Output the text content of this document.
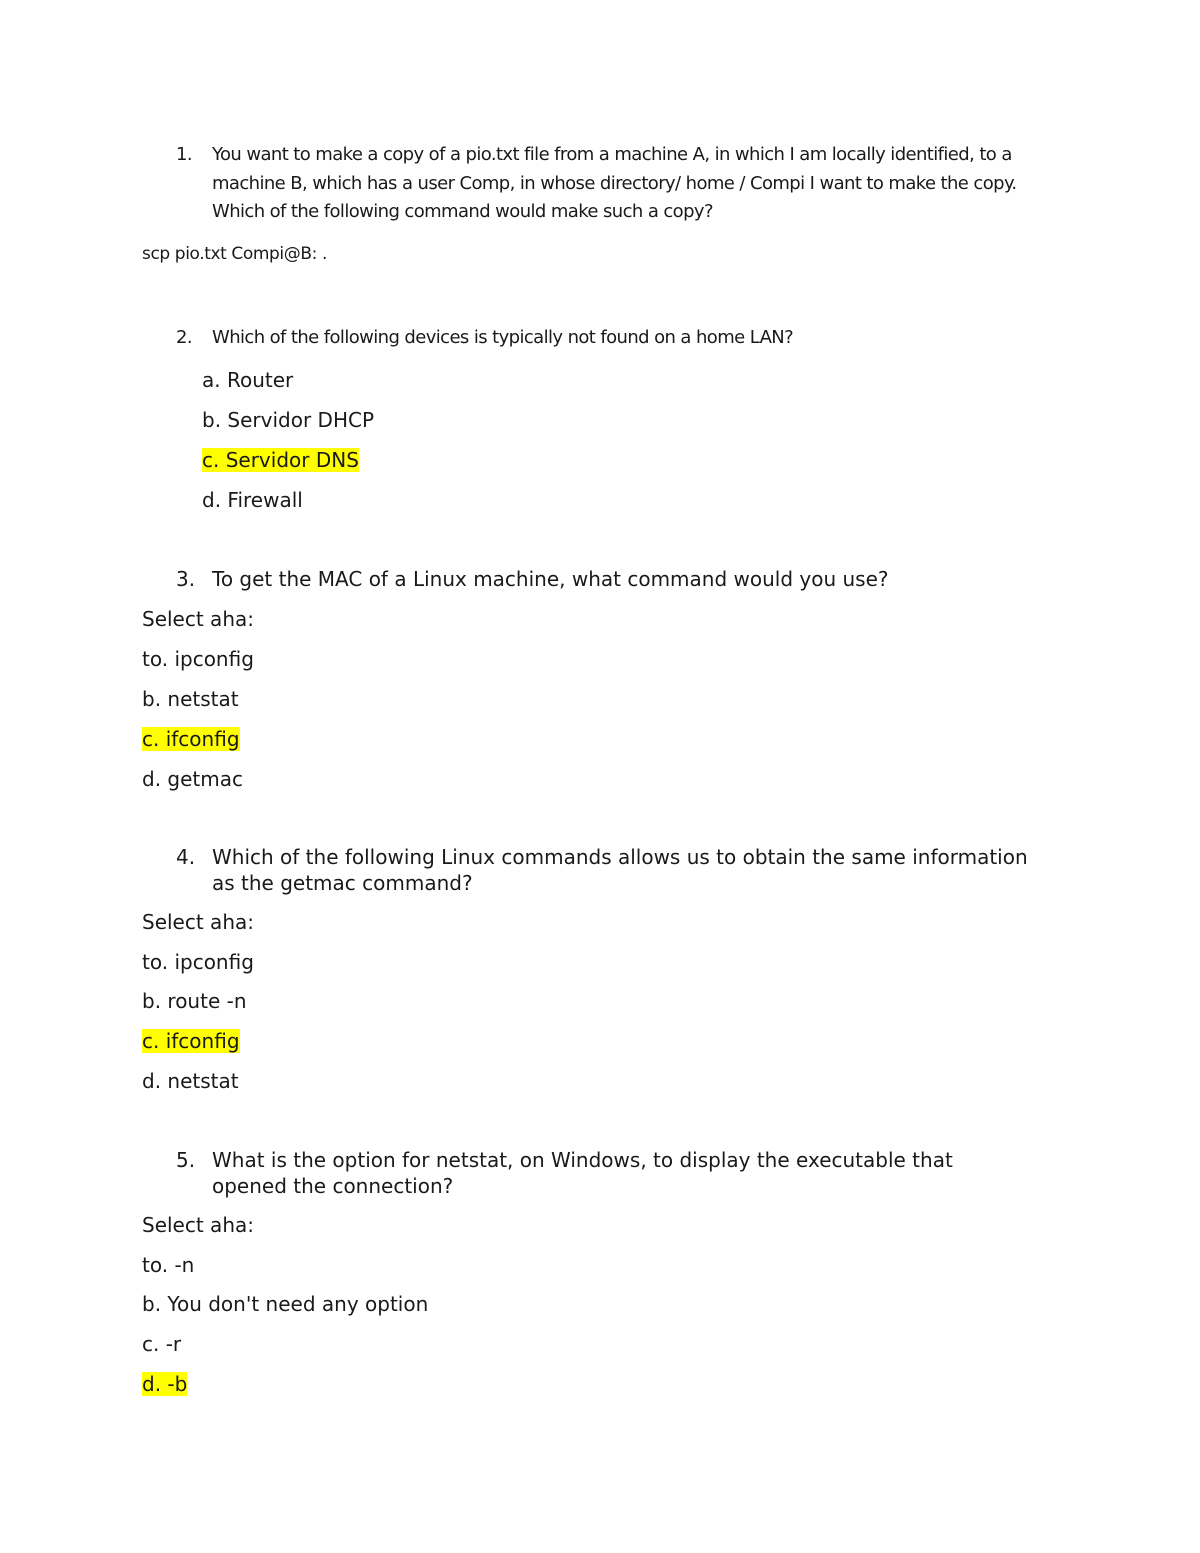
1. You want to make a copy of a pio.txt file from a machine A, in which I am locally identified, to a

machine B, which has a user Comp, in whose directory/ home / Compi I want to make the copy.

Which of the following command would make such a copy?

scp pio.txt Compi@B: .

2. Which of the following devices is typically not found on a home LAN?

a. Router

b. Servidor DHCP

c. Servidor DNS

d. Firewall

3. To get the MAC of a Linux machine, what command would you use?

Select aha:

to. ipconfig

b. netstat

c. ifconfig

d. getmac

4. Which of the following Linux commands allows us to obtain the same information

as the getmac command?

Select aha:

to. ipconfig

b. route -n

c. ifconfig

d. netstat

5. What is the option for netstat, on Windows, to display the executable that

opened the connection?

Select aha:

to. -n

b. You don't need any option

c. -r

d. -b
